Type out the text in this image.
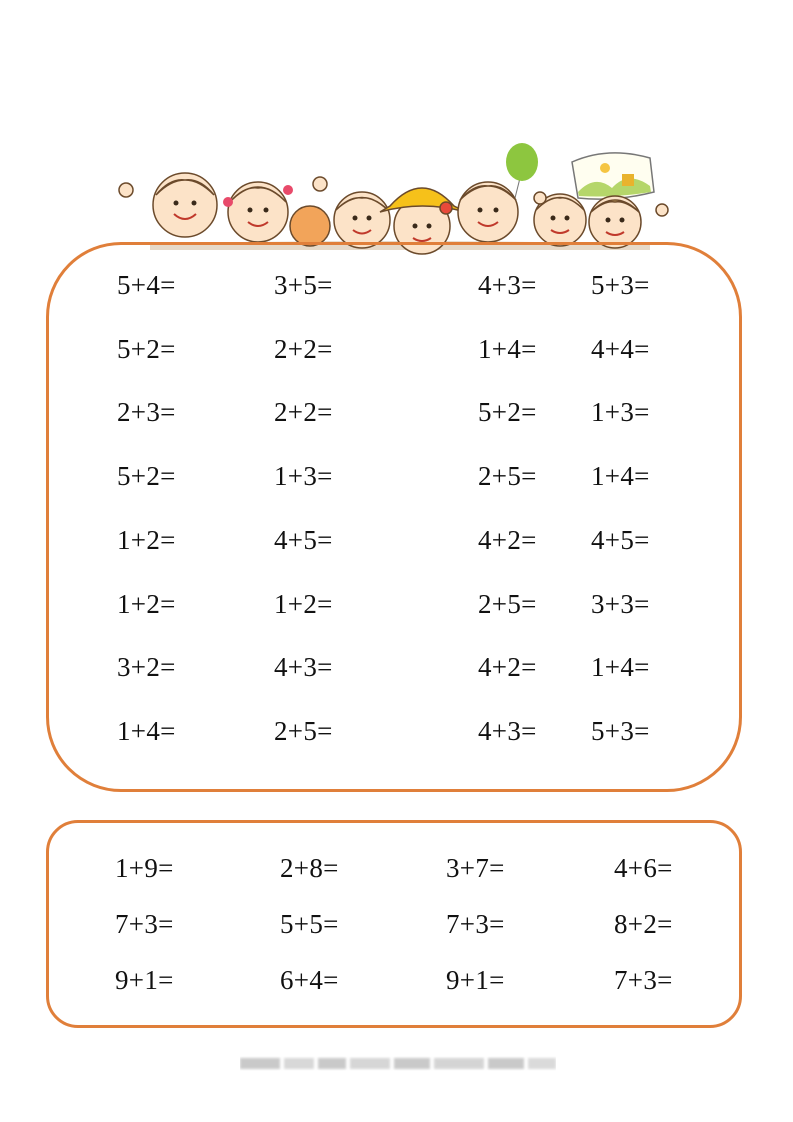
5+4=
5+2=
2+3=
5+2=
1+2=
1+2=
3+2=
1+4=
3+5=
2+2=
2+2=
1+3=
4+5=
1+2=
4+3=
2+5=
4+3=
1+4=
5+2=
2+5=
4+2=
2+5=
4+2=
4+3=
5+3=
4+4=
1+3=
1+4=
4+5=
3+3=
1+4=
5+3=
1+9=
7+3=
9+1=
2+8=
5+5=
6+4=
3+7=
7+3=
9+1=
4+6=
8+2=
7+3=
